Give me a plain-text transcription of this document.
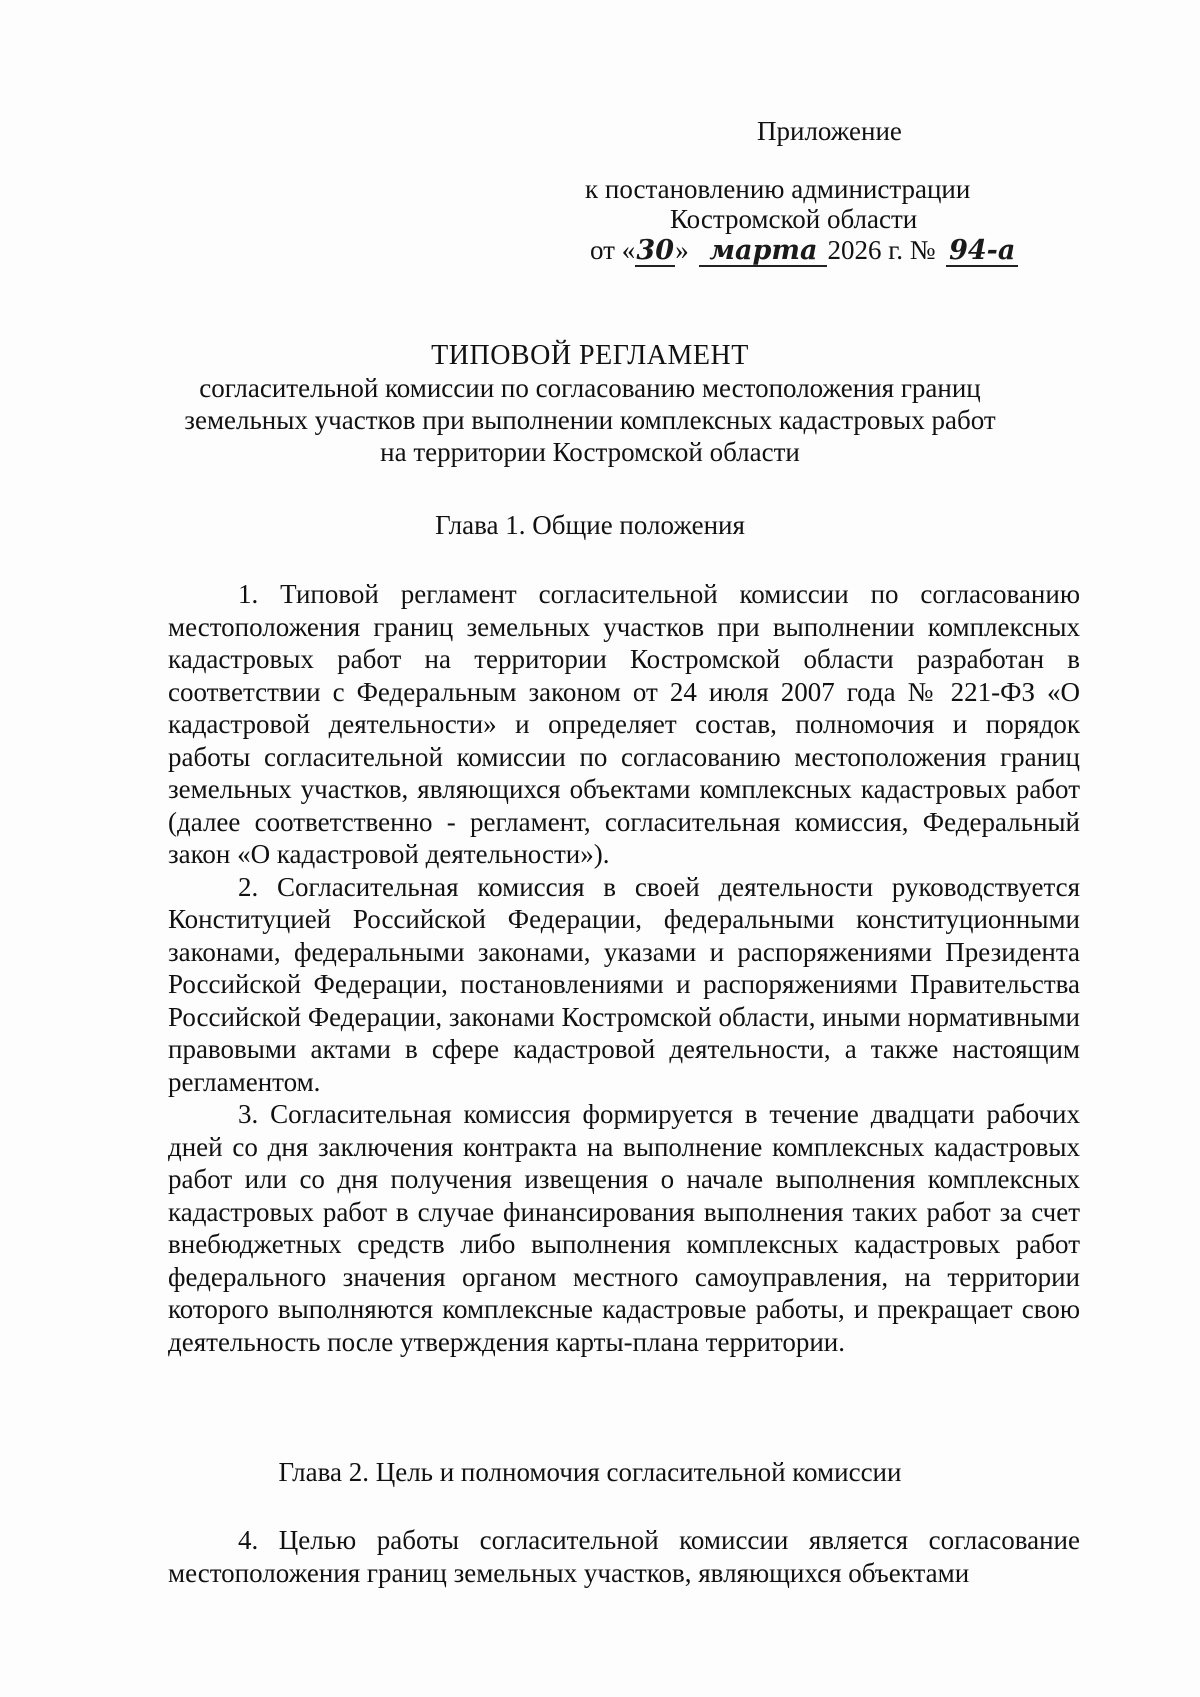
Приложение
к постановлению администрации
Костромской области
от «30» марта 2026 г. № 94-а
ТИПОВОЙ РЕГЛАМЕНТ
согласительной комиссии по согласованию местоположения границ
земельных участков при выполнении комплексных кадастровых работ
на территории Костромской области
Глава 1. Общие положения

1. Типовой регламент согласительной комиссии по согласованию местоположения границ земельных участков при выполнении комплексных кадастровых работ на территории Костромской области разработан в соответствии с Федеральным законом от 24 июля 2007 года № 221-ФЗ «О кадастровой деятельности» и определяет состав, полномочия и порядок работы согласительной комиссии по согласованию местоположения границ земельных участков, являющихся объектами комплексных кадастровых работ (далее соответственно - регламент, согласительная комиссия, Федеральный закон «О кадастровой деятельности»).

2. Согласительная комиссия в своей деятельности руководствуется Конституцией Российской Федерации, федеральными конституционными законами, федеральными законами, указами и распоряжениями Президента Российской Федерации, постановлениями и распоряжениями Правительства Российской Федерации, законами Костромской области, иными нормативными правовыми актами в сфере кадастровой деятельности, а также настоящим регламентом.

3. Согласительная комиссия формируется в течение двадцати рабочих дней со дня заключения контракта на выполнение комплексных кадастровых работ или со дня получения извещения о начале выполнения комплексных кадастровых работ в случае финансирования выполнения таких работ за счет внебюджетных средств либо выполнения комплексных кадастровых работ федерального значения органом местного самоуправления, на территории которого выполняются комплексные кадастровые работы, и прекращает свою деятельность после утверждения карты-плана территории.

Глава 2. Цель и полномочия согласительной комиссии

4. Целью работы согласительной комиссии является согласование местоположения границ земельных участков, являющихся объектами
